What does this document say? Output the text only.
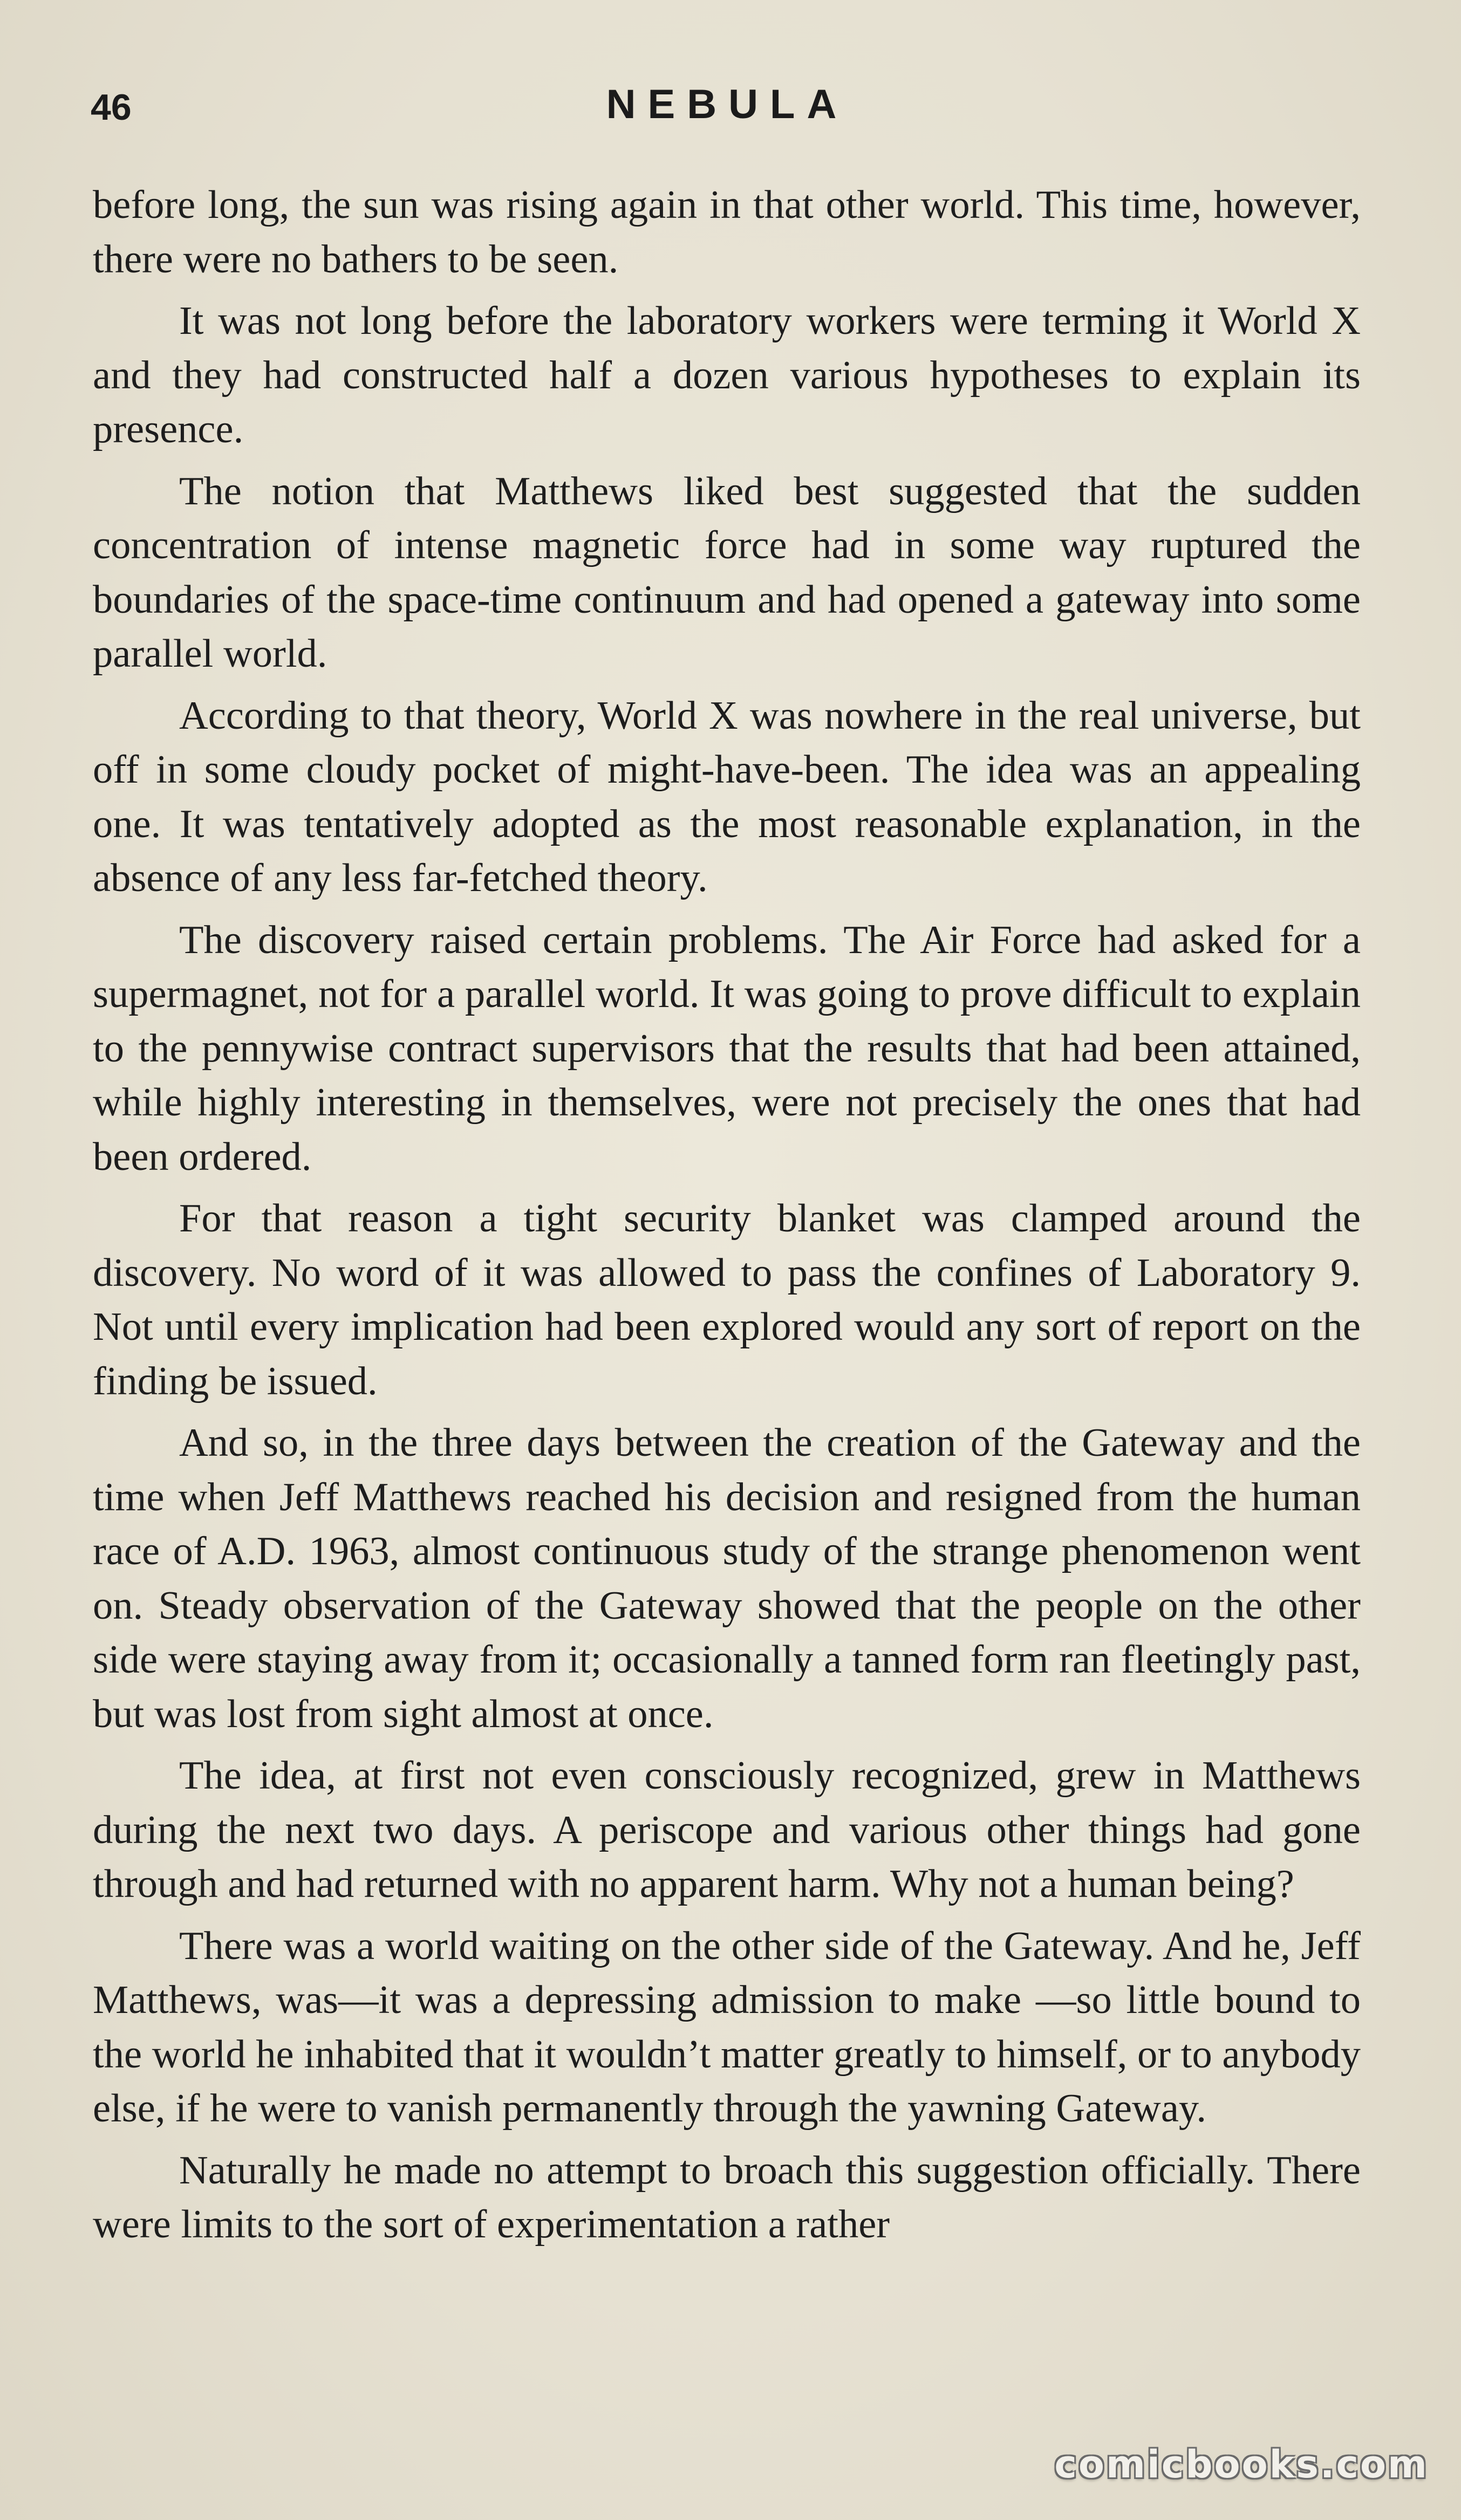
46	NEBULA

before long, the sun was rising again in that other world. This time, however, there were no bathers to be seen.

It was not long before the laboratory workers were terming it World X and they had constructed half a dozen various hypotheses to explain its presence.

The notion that Matthews liked best suggested that the sudden concentration of intense magnetic force had in some way ruptured the boundaries of the space-time continuum and had opened a gateway into some parallel world.

According to that theory, World X was nowhere in the real universe, but off in some cloudy pocket of might-have-been. The idea was an appealing one. It was tentatively adopted as the most reasonable explanation, in the absence of any less far-fetched theory.

The discovery raised certain problems. The Air Force had asked for a supermagnet, not for a parallel world. It was going to prove difficult to explain to the pennywise contract supervisors that the results that had been attained, while highly interesting in themselves, were not precisely the ones that had been ordered.

For that reason a tight security blanket was clamped around the discovery. No word of it was allowed to pass the confines of Laboratory 9. Not until every implication had been explored would any sort of report on the finding be issued.

And so, in the three days between the creation of the Gateway and the time when Jeff Matthews reached his decision and resigned from the human race of A.D. 1963, almost continuous study of the strange phenomenon went on. Steady observation of the Gateway showed that the people on the other side were staying away from it; occasionally a tanned form ran fleetingly past, but was lost from sight almost at once.

The idea, at first not even consciously recognized, grew in Matthews during the next two days. A periscope and various other things had gone through and had returned with no apparent harm. Why not a human being?

There was a world waiting on the other side of the Gateway. And he, Jeff Matthews, was—it was a depressing admission to make —so little bound to the world he inhabited that it wouldn’t matter greatly to himself, or to anybody else, if he were to vanish permanently through the yawning Gateway.

Naturally he made no attempt to broach this suggestion officially. There were limits to the sort of experimentation a rather

comicbooks.com
